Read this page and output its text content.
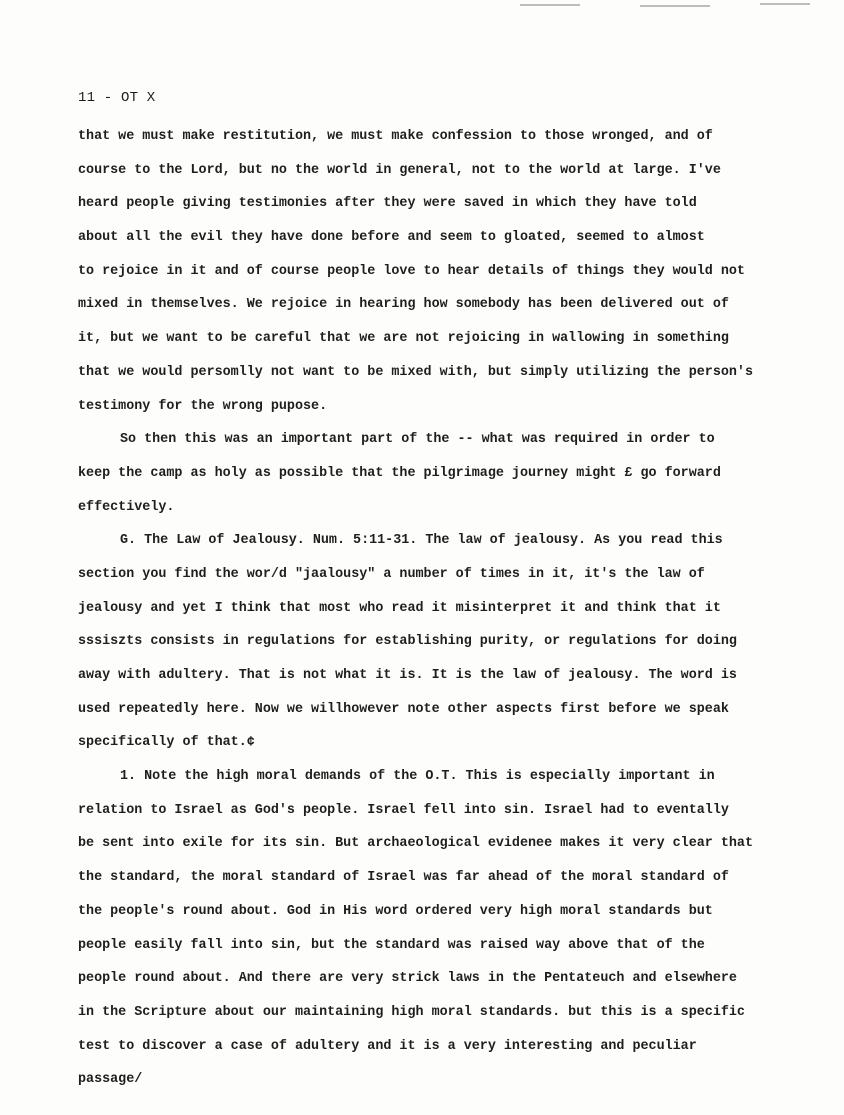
11 - OT X
that we must make restitution, we must make confession to those wronged, and of
course to the Lord, but no the world in general, not to the world at large. I've
heard people giving testimonies after they were saved in which they have told
about all the evil they have done before and seem to gloated, seemed to almost
to rejoice in it and of course people love to hear details of things they would not
mixed in themselves. We rejoice in hearing how somebody has been delivered out of
it, but we want to be careful that we are not rejoicing in wallowing in something
that we would persomlly not want to be mixed with, but simply utilizing the person's
testimony for the wrong pupose.
So then this was an important part of the -- what was required in order to
keep the camp as holy as possible that the pilgrimage journey might £ go forward
effectively.
G. The Law of Jealousy. Num. 5:11-31. The law of jealousy. As you read this
section you find the wor/d "jaalousy" a number of times in it, it's the law of
jealousy and yet I think that most who read it misinterpret it and think that it
sssiszts consists in regulations for establishing purity, or regulations for doing
away with adultery. That is not what it is. It is the law of jealousy. The word is
used repeatedly here. Now we willhowever note other aspects first before we speak
specifically of that.¢
1. Note the high moral demands of the O.T. This is especially important in
relation to Israel as God's people. Israel fell into sin. Israel had to eventally
be sent into exile for its sin. But archaeological evidenee makes it very clear that
the standard, the moral standard of Israel was far ahead of the moral standard of
the people's round about. God in His word ordered very high moral standards but
people easily fall into sin, but the standard was raised way above that of the
people round about. And there are very strick laws in the Pentateuch and elsewhere
in the Scripture about our maintaining high moral standards. but this is a specific
test to discover a case of adultery and it is a very interesting and peculiar
passage/
